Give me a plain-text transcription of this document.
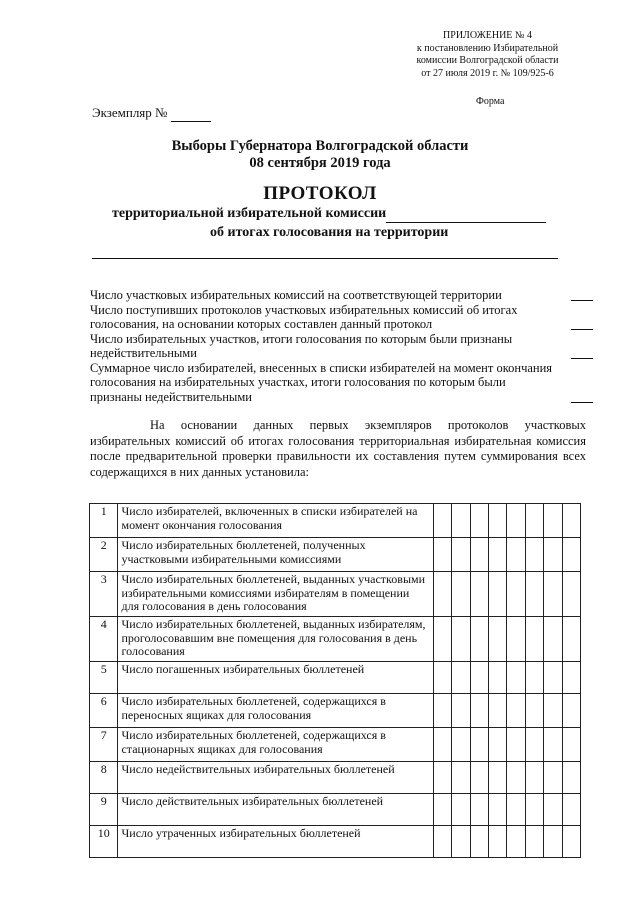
ПРИЛОЖЕНИЕ № 4
к постановлению Избирательной
комиссии Волгоградской области
от 27 июля 2019 г. № 109/925-6
Форма
Экземпляр №
Выборы Губернатора Волгоградской области
08 сентября 2019 года
ПРОТОКОЛ
территориальной избирательной комиссии
об итогах голосования на территории
Число участковых избирательных комиссий на соответствующей территории
Число поступивших протоколов участковых избирательных комиссий об итогах голосования, на основании которых составлен данный протокол
Число избирательных участков, итоги голосования по которым были признаны недействительными
Суммарное число избирателей, внесенных в списки избирателей на момент окончания голосования на избирательных участках, итоги голосования по которым были признаны недействительными
На основании данных первых экземпляров протоколов участковых избирательных комиссий об итогах голосования территориальная избирательная комиссия после предварительной проверки правильности их составления путем суммирования всех содержащихся в них данных установила:
1	Число избирателей, включенных в списки избирателей на момент окончания голосования								
2	Число избирательных бюллетеней, полученных участковыми избирательными комиссиями								
3	Число избирательных бюллетеней, выданных участковыми избирательными комиссиями избирателям в помещении для голосования в день голосования								
4	Число избирательных бюллетеней, выданных избирателям, проголосовавшим вне помещения для голосования в день голосования								
5	Число погашенных избирательных бюллетеней								
6	Число избирательных бюллетеней, содержащихся в переносных ящиках для голосования								
7	Число избирательных бюллетеней, содержащихся в стационарных ящиках для голосования								
8	Число недействительных избирательных бюллетеней								
9	Число действительных избирательных бюллетеней								
10	Число утраченных избирательных бюллетеней								
